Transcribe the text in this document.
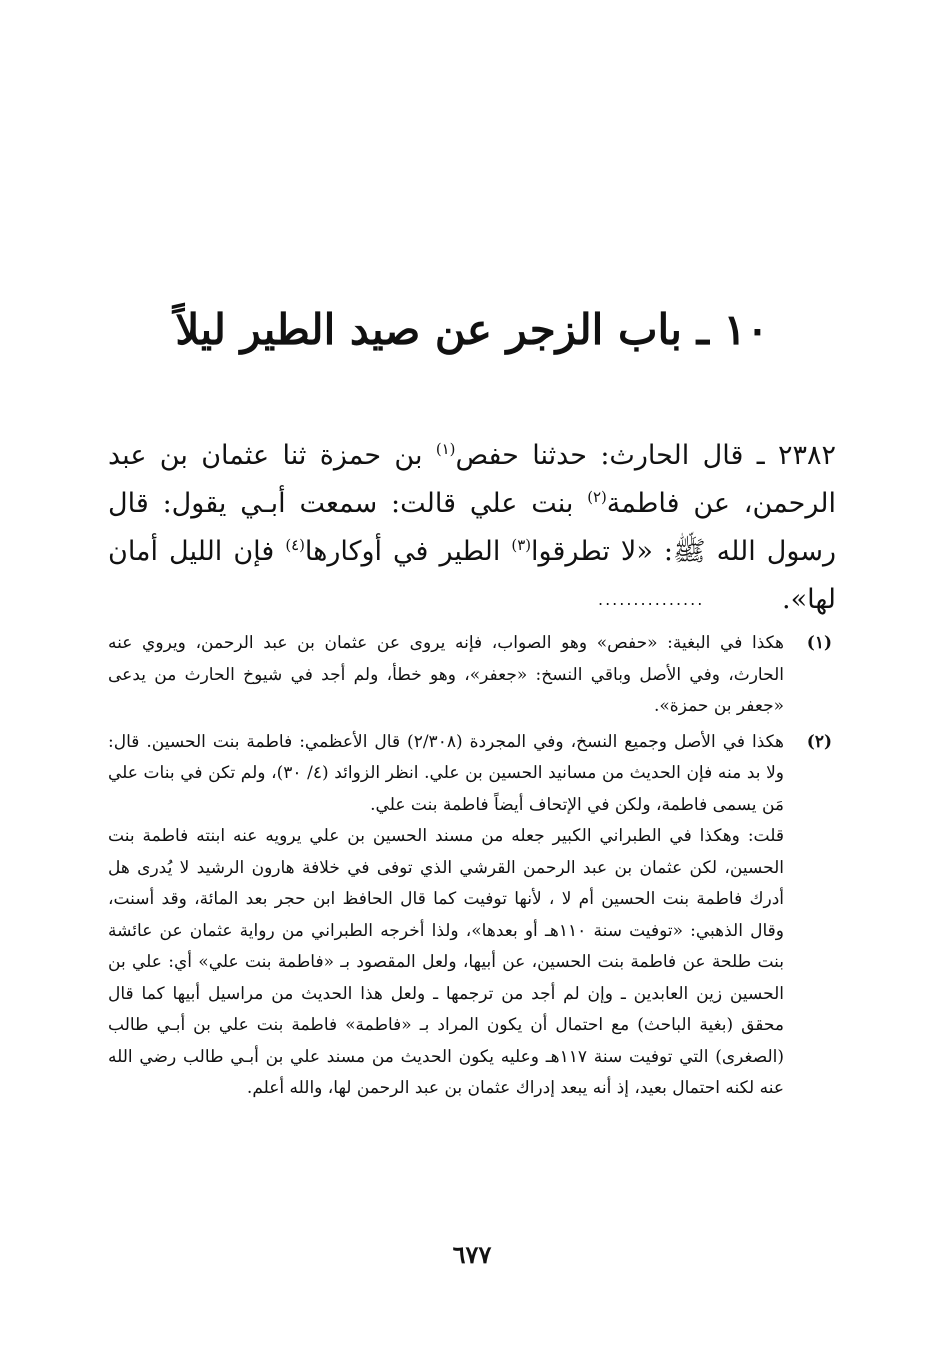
١٠ ـ باب الزجر عن صيد الطير ليلاً

٢٣٨٢ ـ قال الحارث: حدثنا حفص$^{(١)}$ بن حمزة ثنا عثمان بن عبد الرحمن، عن فاطمة$^{(٢)}$ بنت علي قالت: سمعت أبـي يقول: قال رسول الله ﷺ: «لا تطرقوا$^{(٣)}$ الطير في أوكارها$^{(٤)}$ فإن الليل أمان لها».

...............
(١)

هكذا في البغية: «حفص» وهو الصواب، فإنه يروى عن عثمان بن عبد الرحمن، ويروي عنه الحارث، وفي الأصل وباقي النسخ: «جعفر»، وهو خطأ، ولم أجد في شيوخ الحارث من يدعى «جعفر بن حمزة».

(٢)

هكذا في الأصل وجميع النسخ، وفي المجردة (٢/٣٠٨) قال الأعظمي: فاطمة بنت الحسين. قال: ولا بد منه فإن الحديث من مسانيد الحسين بن علي. انظر الزوائد (٤/ ٣٠)، ولم تكن في بنات علي مَن يسمى فاطمة، ولكن في الإتحاف أيضاً فاطمة بنت علي.

قلت: وهكذا في الطبراني الكبير جعله من مسند الحسين بن علي يرويه عنه ابنته فاطمة بنت الحسين، لكن عثمان بن عبد الرحمن القرشي الذي توفى في خلافة هارون الرشيد لا يُدرى هل أدرك فاطمة بنت الحسين أم لا ، لأنها توفيت كما قال الحافظ ابن حجر بعد المائة، وقد أسنت، وقال الذهبي: «توفيت سنة ١١٠هـ أو بعدها»، ولذا أخرجه الطبراني من رواية عثمان عن عائشة بنت طلحة عن فاطمة بنت الحسين، عن أبيها، ولعل المقصود بـ «فاطمة بنت علي» أي: علي بن الحسين زين العابدين ـ وإن لم أجد من ترجمها ـ ولعل هذا الحديث من مراسيل أبيها كما قال محقق (بغية الباحث) مع احتمال أن يكون المراد بـ «فاطمة» فاطمة بنت علي بن أبـي طالب (الصغرى) التي توفيت سنة ١١٧هـ وعليه يكون الحديث من مسند علي بن أبـي طالب رضي الله عنه لكنه احتمال بعيد، إذ أنه يبعد إدراك عثمان بن عبد الرحمن لها، والله أعلم.

٦٧٧
